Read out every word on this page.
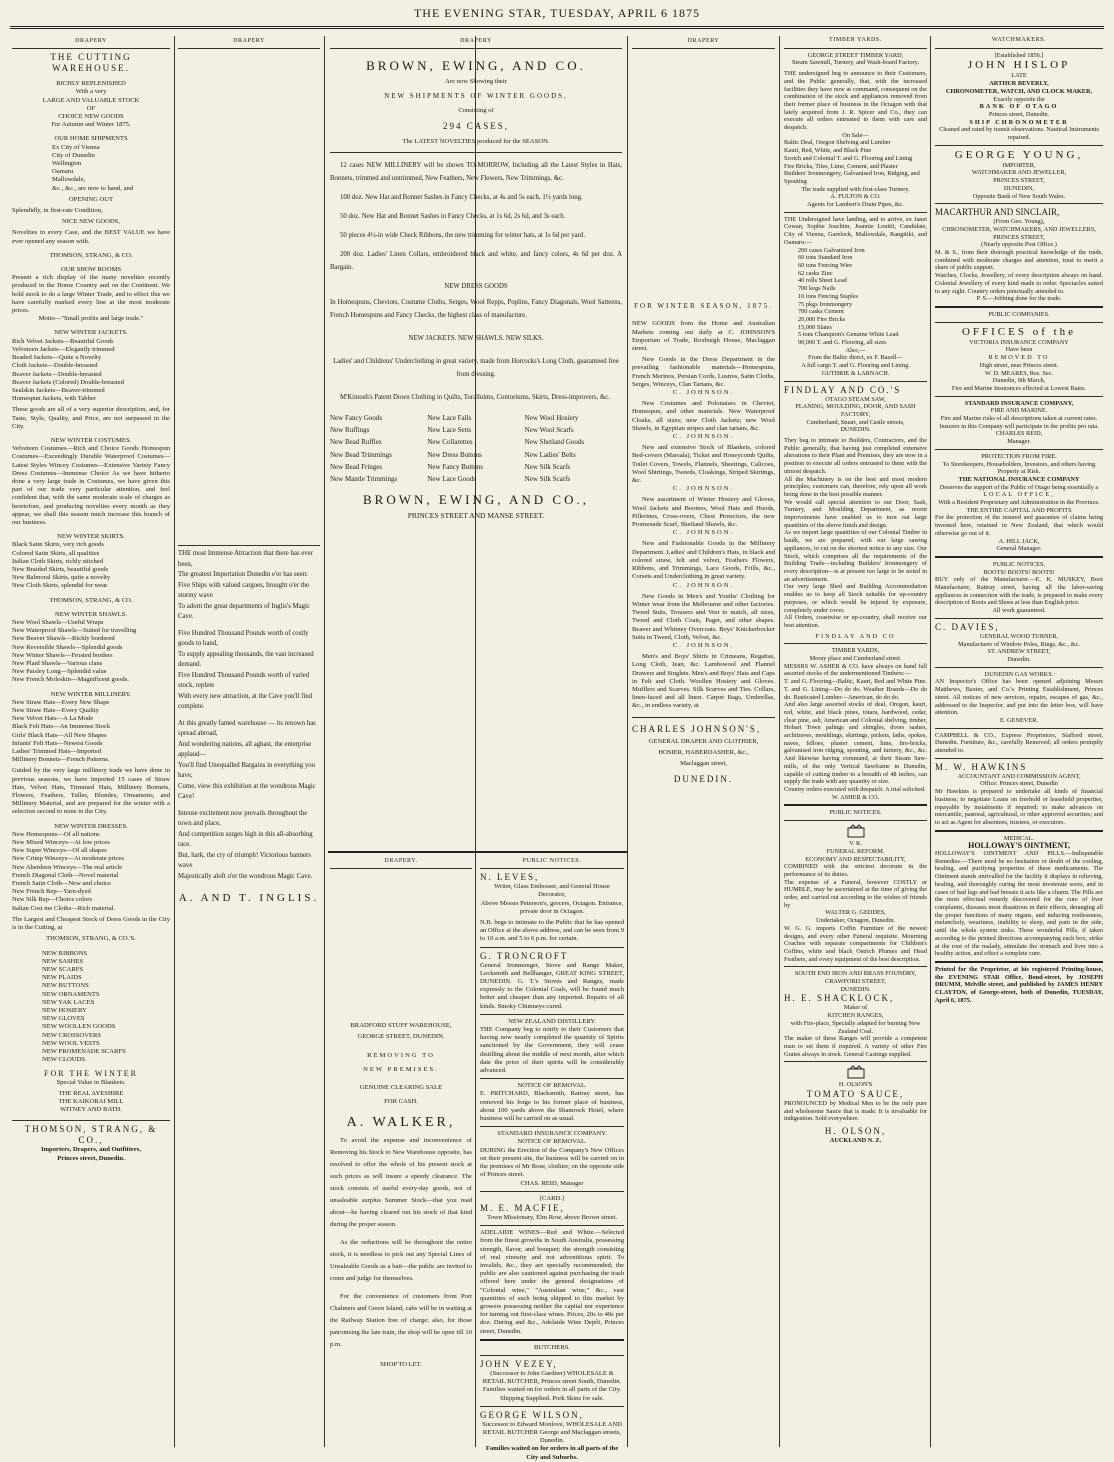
THE EVENING STAR, TUESDAY, APRIL 6 1875
DRAPERY
THE CUTTING WAREHOUSE.
RICHLY REPLENISHED
With a very
LARGE AND VALUABLE STOCK
OF
CHOICE NEW GOODS
For Autumn and Winter 1875.
OUR HOME SHIPMENTS
Ex City of Vienna
City of Dunedin
Wellington
Oamaru
Mallowdale,
&c., &c., are now to hand, and
OPENING OUT
Splendidly, in first-rate Condition,
NICE NEW GOODS,
Novelties in every Case, and the BEST VALUE we have ever opened any season with.
THOMSON, STRANG, & CO.
OUR SHOW ROOMS
Present a rich display of the many novelties recently produced in the Home Country and on the Continent. We bold stock to do a large Winter Trade, and to effect this we have carefully marked every line at the most moderate prices.
Motto—"Small profits and large trade."
NEW WINTER JACKETS.
Rich Velvet Jackets—Beautiful Goods
Velveteen Jackets—Elegantly trimmed
Beaded Jackets—Quite a Novelty
Cloth Jackets—Double-breasted
Beaver Jackets—Double-breasted
Beaver Jackets (Colored) Double-breasted
Sealskin Jackets—Beaver-trimmed
Homespun Jackets, with Tabber
These goods are all of a very superior description, and, for Taste, Style, Quality, and Price, are not surpassed in the City.
NEW WINTER COSTUMES.
Velveteen Costumes—Rich and Choice Goods Homespun Costumes—Exceedingly Durable Waterproof Costumes—Latest Styles Wincey Costumes—Extensive Variety Fancy Dress Costumes—Immense Choice As we have hitherto done a very large trade in Costumes, we have given this part of our trade very particular attention, and feel confident that, with the same moderate scale of charges as heretofore, and producing novelties every month as they appear, we shall this season much increase this branch of our business.
NEW WINTER SKIRTS.
Black Satin Skirts, very rich goods
Colored Satin Skirts, all qualities
Italian Cloth Skirts, richly stitched
New Braided Skirts, beautiful goods
New Balmoral Skirts, quite a novelty
New Cloth Skirts, splendid for wear.
THOMSON, STRANG, & CO.
NEW WINTER SHAWLS.
New Wool Shawls—Useful Wraps
New Waterproof Shawls—Suited for travelling
New Beaver Shawls—Richly bordered
New Reversible Shawls—Splendid goods
New Winter Shawls—Frosted borders
New Plaid Shawls—Various clans
New Paisley Long—Splendid value
New French Moleskin—Magnificent goods.
NEW WINTER MILLINERY.
New Straw Hats—Every New Shape
New Straw Hats—Every Quality
New Velvet Hats—A La Mode
Black Felt Hats—An Immense Stock
Girls' Black Hats—All New Shapes
Infants' Felt Hats—Newest Goods
Ladies' Trimmed Hats—Imported
Millinery Bonnets—French Patterns.
Guided by the very large millinery trade we have done in previous seasons, we have imported 15 cases of Straw Hats, Velvet Hats, Trimmed Hats, Millinery Bonnets, Flowers, Feathers, Tulles, Blondes, Ornaments, and Millinery Material, and are prepared for the winter with a selection second to none in the City.
NEW WINTER DRESSES.
New Homespuns—Of all nations
New Mixed Winceys—At low prices
New Super Winceys—Of all shapes
New Crimp Winceys—At moderate prices
New Aberdeen Winceys—The real article
French Diagonal Cloth—Novel material
French Satin Cloth—New and choice
New French Rep—Yarn-dyed
New Silk Rep—Choice colors
Italian Cost me Cloths—Rich material.
The Largest and Cheapest Stock of Dress Goods in the City is in the Cutting, at
THOMSON, STRANG, & CO.'S.
NEW RIBBONS
NEW SASHES
NEW SCARFS
NEW PLAIDS
NEW BUTTONS
NEW ORNAMENTS
NEW YAK LACES
NEW HOSIERY
NEW GLOVES
NEW WOOLLEN GOODS
NEW CROSSOVERS
NEW WOOL VESTS
NEW PROMENADE SCARFS
NEW CLOUDS.
FOR THE WINTER
Special Value in Blankets.
THE REAL AYESHIRE
THE KAIKORAI MILL
WITNEY AND BATH.
THOMSON, STRANG, & CO.,
Importers, Drapers, and Outfitters,
Princes street, Dunedin.
DRAPERY
THE most Immense Attraction that there has ever been,
The greatest Importation Dunedin e'er has seen:
Five Ships with valued cargoes, brought o'er the stormy wave
To adorn the great departments of Inglis's Magic Cave.
Five Hundred Thousand Pounds worth of costly goods to hand,
To supply appealing thousands, the vast increased demand.
Five Hundred Thousand Pounds worth of varied stock, replete
With every new attraction, at the Cave you'll find complete.
At this greatly famed warehouse — its renown has spread abroad,
And wondering nations, all aghast, the enterprise applaud—
You'll find Unequalled Bargains in everything you have,
Come, view this exhibition at the wondrous Magic Cave!
Intense excitement now prevails throughout the town and place,
And competition surges high in this all-absorbing race.
But, hark, the cry of triumph! Victorious banners wave
Majestically aloft o'er the wondrous Magic Cave.
A. AND T. INGLIS.
DRAPERY
BROWN, EWING, AND CO.
Are now Showing their
NEW SHIPMENTS OF WINTER GOODS,
Consisting of
294 CASES,
The LATEST NOVELTIES produced for the SEASON.
12 cases NEW MILLINERY will be shown TO-MORROW, Including all the Latest Styles in Hats, Bonnets, trimmed and untrimmed, New Feathers, New Flowers, New Trimmings, &c.
100 doz. New Hat and Bonnet Sashes in Fancy Checks, at 4s and 5s each, 1½ yards long.
50 doz. New Hat and Bonnet Sashes in Fancy Checks, at 1s 6d, 2s 6d, and 3s each.
50 pieces 4½-in wide Check Ribbons, the new trimming for winter hats, at 1s 6d per yard.
200 doz. Ladies' Linen Collars, embroidered black and white, and fancy colors, 4s 6d per doz. A Bargain.
NEW DRESS GOODS
In Homespuns, Cheviots, Costume Cloths, Serges, Wool Repps, Poplins, Fancy Diagonals, Wool Satteens, French Homespuns and Fancy Checks, the highest class of manufacture.
NEW JACKETS. NEW SHAWLS. NEW SILKS.
Ladies' and Childrens' Underclothing in great variety, made from Horrocks's Long Cloth, guaranteed free from dressing.
M'Kintosh's Patent Down Clothing in Quilts, Toralluims, Contoriums, Skirts, Dress-improvers, &c.
New Fancy Goods	New Lace Falls	New Wool Hosiery
New Ruffings	New Lace Setts	New Wool Scarfs
New Bead Ruffles	New Collarettes	New Shetland Goods
New Bead Trimmings	New Dress Buttons	New Ladies' Belts
New Bead Fringes	New Fancy Buttons	New Silk Scarfs
New Mantle Trimmings	New Lace Goods	New Silk Scarfs
BROWN, EWING, AND CO.,
PRINCES STREET AND MANSE STREET.
DRAPERY.
BRADFORD STUFF WAREHOUSE,
GEORGE STREET, DUNEDIN.
REMOVING TO
NEW PREMISES.
GENUINE CLEARING SALE
FOR CASH.
A. WALKER,
To avoid the expense and inconvenience of Removing his Stock to New Warehouse opposite, has resolved to offer the whole of his present stock at such prices as will insure a speedy clearance. The stock consists of useful every-day goods, not of unsaleable surplus Summer Stock—that you read about—he having cleared out his stock of that kind during the proper season.
As the reductions will be throughout the entire stock, it is needless to pick out any Special Lines of Unsaleable Goods as a bait—the public are invited to come and judge for themselves.
For the convenience of customers from Port Chalmers and Green Island, cabs will be in waiting at the Railway Station free of charge; also, for those patronising the late train, the shop will be open till 10 p.m.
SHOP TO LET.
PUBLIC NOTICES.
N. LEVES,
Writer, Glass Embosser, and General House Decorator,
Above Messrs Peterson's, grocers, Octagon. Entrance, private door in Octagon.
N.B. begs to intimate to the Public that he has opened an Office at the above address, and can be seen from 9 to 10 a.m. and 5 to 6 p.m. for certain.
G. TRONCROFT
General Ironmonger, Stove and Range Maker, Locksmith and Bellhanger, GREAT KING STREET, DUNEDIN. G. T.'s Stoves and Ranges, made expressly to the Colonial Coals, will be found much better and cheaper than any imported. Repairs of all kinds. Smoky Chimneys cured.
NEW ZEALAND DISTILLERY.
THE Company beg to notify to their Customers that having now nearly completed the quantity of Spirits sanctioned by the Government, they will cease distilling about the middle of next month, after which date the price of their spirits will be considerably advanced.
NOTICE OF REMOVAL.
E. PRITCHARD, Blacksmith, Rattray street, has removed his forge to his former place of business, about 100 yards above the Shamrock Hotel, where business will be carried on as usual.
STANDARD INSURANCE COMPANY.
NOTICE OF REMOVAL.
DURING the Erection of the Company's New Offices on their present site, the business will be carried on in the premises of Mr Rose, clothier, on the opposite side of Princes street.
CHAS. REID, Manager
[CARD.]
M. E. MACFIE,
Town Missionary, Elm Row, above Brown street.
ADELAIDE WINES—Red and White.—Selected from the finest growths in South Australia, possessing strength, flavor, and bouquet; the strength consisting of real vinosity and not adventitious spirit. To invalids, &c., they are specially recommended; the public are also cautioned against purchasing the trash offered here under the general designations of "Colonial wine," "Australian wine," &c., vast quantities of such being shipped to this market by growers possessing neither the capital nor experience for turning out first-class wines. Prices, 20s to 40s per doz. During and &c., Adelaide Wine Depôt, Princes street, Dunedin.
BUTCHERS.
JOHN VEZEY,
(Successor to John Gardner) WHOLESALE & RETAIL BUTCHER, Princes street South, Dunedin.
Families waited on for orders in all parts of the City. Shipping Supplied. Pork Skins for sale.
GEORGE WILSON,
Successor to Edward Monlove, WHOLESALE AND RETAIL BUTCHER George and Maclaggan streets, Dunedin.
Families waited on for orders in all parts of the City and Suburbs.
DRAPERY
FOR WINTER SEASON, 1875.
NEW GOODS from the Home and Australian Markets coming out daily at C. JOHNSON'S Emporium of Trade, Roxburgh House, Maclaggan street.
New Goods in the Dress Department in the prevailing fashionable materials—Homespuns, French Merinos, Persian Cords, Lustres, Satin Cloths, Serges, Winceys, Clan Tartans, &c.
C. JOHNSON.
New Costumes and Polonaises in Cheviot, Homespun, and other materials. New Waterproof Cloaks, all sizes; new Cloth Jackets; new Wool Shawls, in Egyptian stripes and clan tartans, &c.
C. JOHNSON.
New and extensive Stock of Blankets, colored Bed-covers (Marsala), Ticket and Honeycomb Quilts, Toilet Covers, Towels, Flannels, Sheetings, Calicoes, Wool Shirtings, Tweeds, Cloakings, Striped Skirtings, &c.
C. JOHNSON.
New assortment of Winter Hosiery and Gloves, Wool Jackets and Bootees, Wool Hats and Hoods, Pillerines, Cross-overs, Chest Protectors, the new Promenade Scarf, Shetland Shawls, &c.
C. JOHNSON.
New and Fashionable Goods in the Millinery Department. Ladies' and Children's Hats, in black and colored straw, felt and velvet, Feathers Flowers, Ribbons, and Trimmings, Lace Goods, Frills, &c., Corsets and Underclothing in great variety.
C. JOHNSON.
New Goods in Men's and Youths' Clothing for Winter wear from the Melbourne and other factories. Tweed Suits, Trousers and Vest to match, all sizes, Tweed and Cloth Coats, Paget, and other shapes. Beaver and Whitney Overcoats. Boys' Knickerbocker Suits in Tweed, Cloth, Velvet, &c.
C. JOHNSON.
Men's and Boys' Shirts in Crimeans, Regattas, Long Cloth, Jean, &c. Lambswool and Flannel Drawers and Singlets. Men's and Boys' Hats and Caps in Felt and Cloth. Woollen Hosiery and Gloves. Mufflers and Scarves. Silk Scarves and Ties. Collars, linen-faced and all linen. Carpet Bags, Umbrellas, &c., in endless variety, at
CHARLES JOHNSON'S,
GENERAL DRAPER AND CLOTHIER,
HOSIER, HABERDASHER, &c.,
Maclaggan street,
DUNEDIN.
TIMBER YARDS.
GEORGE STREET TIMBER YARD,
Steam Sawmill, Turnery, and Wash-board Factory.
THE undersigned beg to announce to their Customers, and the Public generally, that, with the increased facilities they have now at command, consequent on the combination of the stock and appliances removed from their former place of business in the Octagon with that lately acquired from J. R. Spicer and Co., they can execute all orders entrusted to them with care and despatch.
On Sale—
Baltic Deal, Oregon Shelving and Lumber
Kauri, Red, White, and Black Pine
Scotch and Colonial T. and G. Flooring and Lining
Fire Bricks, Tiles, Lime, Cement, and Plaster
Builders' Ironmongery, Galvanised Iron, Ridging, and Spouting
The trade supplied with first-class Turnery.
A. FULTON & CO.
Agents for Lambert's Drain Pipes, &c.
THE Undersigned have landing, and to arrive, ex Janet Cowan, Sophie Joachim, Jeannie Louttit, Candidate, City of Vienna, Garelock, Mallowdale, Rangitiki, and Oamaru:—
200 cases Galvanized Iron
60 tons Standard Iron
60 tons Fencing Wire
62 casks Zinc
40 rolls Sheet Lead
700 kegs Nails
10 tons Fencing Staples
75 pkgs Ironmongery
700 casks Cement
20,000 Fire Bricks
15,000 Slates
5 tons Champion's Genuine White Lead
90,000 T. and G. Flooring, all sizes
Also,—
From the Baltic direct, ex F. Bazell—
A full cargo T. and G. Flooring and Lining.
GUTHRIE & LARNACH.
FINDLAY AND CO.'S
OTAGO STEAM SAW,
PLANING, MOULDING, DOOR, AND SASH FACTORY,
Cumberland, Stuart, and Castle streets,
DUNEDIN.
They beg to intimate to Builders, Contractors, and the Public generally, that having just completed extensive alterations to their Plant and Premises, they are now in a position to execute all orders entrusted to them with the utmost despatch.
All the Machinery is on the best and most modern principles; customers can, therefore, rely upon all work being done in the best possible manner.
We would call special attention to our Door, Sash, Turnery, and Moulding Department, as recent improvements have enabled us to turn out large quantities of the above finish and design.
As we import large quantities of our Colonial Timber in baulk, we are prepared, with our large sawing appliances, to cut on the shortest notice to any size. Our Stock, which comprises all the requirements of the Building Trade—including Builders' Ironmongery of every description—is at present too large to be noted in an advertisement.
Our very large Shed and Building Accommodation enables us to keep all Stock suitable for up-country purposes, or which would be injured by exposure, completely under cover.
All Orders, coastwise or up-country, shall receive our best attention.
FINDLAY AND CO
TIMBER YARDS,
Moray place and Cumberland street.
MESSRS W. ASHER & CO. have always on hand full assorted stocks of the undermentioned Timbers:—
T. and G. Flooring—Baltic, Kauri, Red and White Pine. T. and G. Lining—Do do do. Weather Boards—Do do do. Rusticated Lumber—American, do do do.
And also large assorted stocks of deal, Oregon, kauri, red, white, and black pines, totara, hardwood, cedar, clear pine, ash, American and Colonial shelving, timber, Hobart Town palings and shingles, doors sashes, architraves, mouldings, skirtings, pickets, laths, spokes, naves, felloes, plaster cement, lime, fire-bricks, galvanised iron ridging, spouting, and turnery, &c., &c. And likewise having command, at their Steam Saw-mills, of the only Vertical Sawframe in Dunedin, capable of cutting timber to a breadth of 48 inches, can supply the trade with any quantity or size.
Country orders executed with despatch. A trial solicited.
W. ASHER & CO.
PUBLIC NOTICES.
V. R.
FUNERAL REFORM.
ECONOMY AND RESPECTABILITY,
COMBINED with the strictest decorum in the performance of its duties.
The expense of a Funeral, however COSTLY or HUMBLE, may be ascertained at the time of giving the order, and carried out according to the wishes of friends by
WALTER G. GEDDES,
Undertaker, Octagon, Dunedin.
W. G. G. imports Coffin Furniture of the newest designs, and every other Funeral requisite. Mourning Coaches with separate compartments for Children's Coffins, white and black Ostrich Plumes and Head Feathers, and every equipment of the best description.
SOUTH END IRON AND BRASS FOUNDRY,
CRAWFORD STREET,
DUNEDIN.
H. E. SHACKLOCK,
Maker of
KITCHEN RANGES,
with Fire-place, Specially adapted for burning New Zealand Coal.
The maker of these Ranges will provide a competent man to set them if required. A variety of other Fire Grates always in stock. General Castings supplied.
H. OLSON'S
TOMATO SAUCE,
PRONOUNCED by Medical Men to be the only pure and wholesome Sauce that is made. It is invaluable for indigestion. Sold everywhere.
H. OLSON,
AUCKLAND N. Z.
WATCHMAKERS.
[Established 1856.]
JOHN HISLOP
LATE
ARTHUR BEVERLY,
CHRONOMETER, WATCH, AND CLOCK MAKER,
Exactly opposite the
BANK OF OTAGO
Princes street, Dunedin.
SHIP CHRONOMETER
Cleaned and rated by transit observations. Nautical Instruments repaired.
GEORGE YOUNG,
IMPORTER,
WATCHMAKER AND JEWELLER,
PRINCES STREET,
DUNEDIN,
Opposite Bank of New South Wales.
MACARTHUR AND SINCLAIR,
(From Geo. Young),
CHRONOMETER, WATCHMAKERS, AND JEWELLERS,
PRINCES STREET,
(Nearly opposite Post Office.)
M. & S., from their thorough practical knowledge of the trade, combined with moderate charges and attention, trust to merit a share of public support.
Watches, Clocks, Jewellery, of every description always on hand. Colonial Jewellery of every kind made to order. Spectacles suited to any sight. Country orders punctually attended to.
P. S.—Jobbing done for the trade.
PUBLIC COMPANIES.
OFFICES of the
VICTORIA INSURANCE COMPANY
Have been
REMOVED TO
High street, near Princes street.
W. D. MEARES, Res. Sec.
Dunedin, 9th March,
Fire and Marine Insurances effected at Lowest Rates.
STANDARD INSURANCE COMPANY,
FIRE AND MARINE.
Fire and Marine risks of all descriptions taken at current rates.
Insurers in this Company will participate in the profits pro rata.
CHARLES REID,
Manager.
PROTECTION FROM FIRE.
To Storekeepers, Householders, Investors, and others having Property at Risk.
THE NATIONAL INSURANCE COMPANY
Deserves the support of the Public of Otago being essentially a
LOCAL OFFICE,
With a Resident Proprietary and Administration in the Province.
THE ENTIRE CAPITAL AND PROFITS
For the protection of the insured and guarantee of claims being invested here, retained in New Zealand, that which would otherwise go out of it.
A. HILL JACK,
General Manager.
PUBLIC NOTICES.
BOOTS! BOOTS! BOOTS!
BUY only of the Manufacturer.—E. K. MUSKEY, Boot Manufacturer, Rattray street, having all the labor-saving appliances in connection with the trade, is prepared to make every description of Boots and Shoes at less than English price.
All work guaranteed.
C. DAVIES,
GENERAL WOOD TURNER,
Manufacturer of Window Poles, Rings, &c., &c.
ST. ANDREW STREET,
Dunedin.
DUNEDIN GAS WORKS.
AN Inspector's Office has been opened adjoining Messrs Matthews, Baxter, and Co.'s Printing Establishment, Princes street. All notices of new services, repairs, escapes of gas, &c., addressed to the Inspector, and put into the letter box, will have attention.
E. GENEVER.
CAMPBELL & CO., Express Proprietors, Stafford street, Dunedin. Furniture, &c., carefully Removed; all orders promptly attended to.
M. W. HAWKINS
ACCOUNTANT AND COMMISSION AGENT,
Office: Princes street, Dunedin
Mr Hawkins is prepared to undertake all kinds of financial business; to negotiate Loans on freehold or leasehold properties, repayable by instalments if required; to make advances on mercantile, pastoral, agricultural, or other approved securities; and to act as Agent for absentees, trustees, or executors.
MEDICAL.
HOLLOWAY'S OINTMENT,
HOLLOWAY'S OINTMENT AND PILLS.—Indisputable Remedies.—There need be no hesitation or doubt of the cooling, healing, and purifying properties of these medicaments. The Ointment stands unrivalled for the facility it displays in relieving, healing, and thoroughly curing the most inveterate sores, and in cases of bad legs and bad breasts it acts like a charm. The Pills are the most effectual remedy discovered for the cure of liver complaints, diseases most disastrous in their effects, deranging all the proper functions of many organs, and inducing restlessness, melancholy, weariness, inability to sleep, and pain in the side, until the whole system sinks. These wonderful Pills, if taken according to the printed directions accompanying each box, strike at the root of the malady, stimulate the stomach and liver into a healthy action, and effect a complete cure.
Printed for the Proprietor, at his registered Printing-house, the EVENING STAR Office, Bond-street, by JOSEPH DRUMM, Melville street, and published by JAMES HENRY CLAYTON, of George-street, both of Dunedin, TUESDAY, April 6, 1875.
